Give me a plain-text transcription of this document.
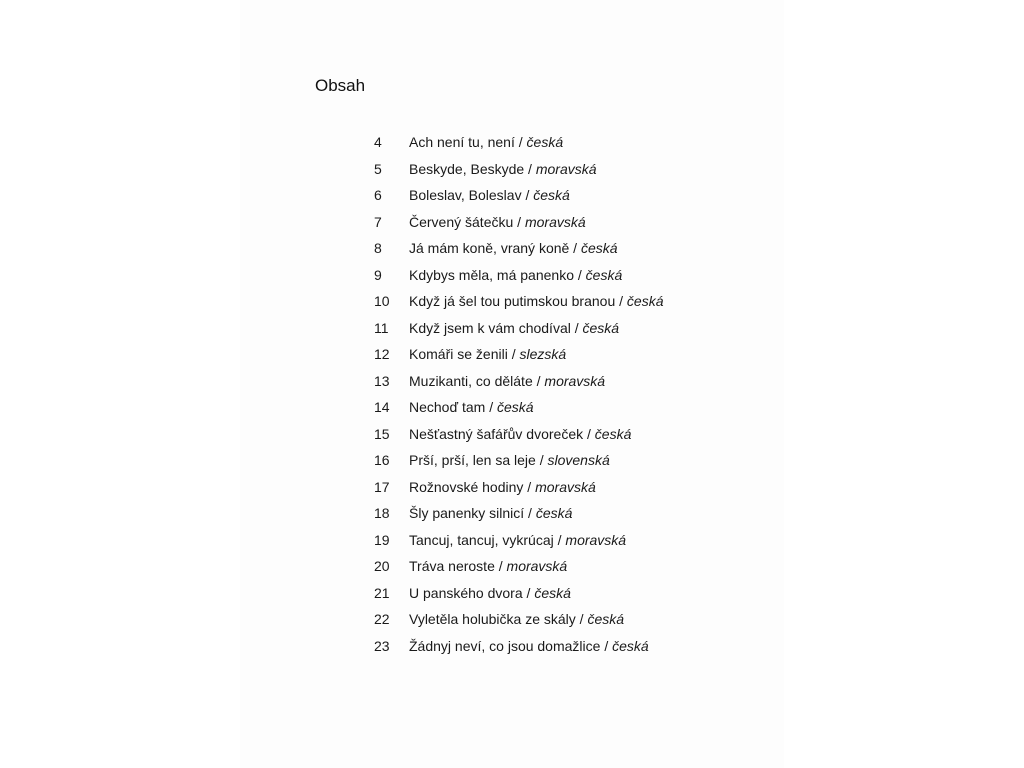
Obsah
4	Ach není tu, není / česká
5	Beskyde, Beskyde / moravská
6	Boleslav, Boleslav / česká
7	Červený šátečku / moravská
8	Já mám koně, vraný koně / česká
9	Kdybys měla, má panenko / česká
10	Když já šel tou putimskou branou / česká
11	Když jsem k vám chodíval / česká
12	Komáři se ženili / slezská
13	Muzikanti, co děláte / moravská
14	Nechoď tam / česká
15	Nešťastný šafářův dvoreček / česká
16	Prší, prší, len sa leje / slovenská
17	Rožnovské hodiny / moravská
18	Šly panenky silnicí / česká
19	Tancuj, tancuj, vykrúcaj / moravská
20	Tráva neroste / moravská
21	U panského dvora / česká
22	Vyletěla holubička ze skály / česká
23	Žádnyj neví, co jsou domažlice / česká
